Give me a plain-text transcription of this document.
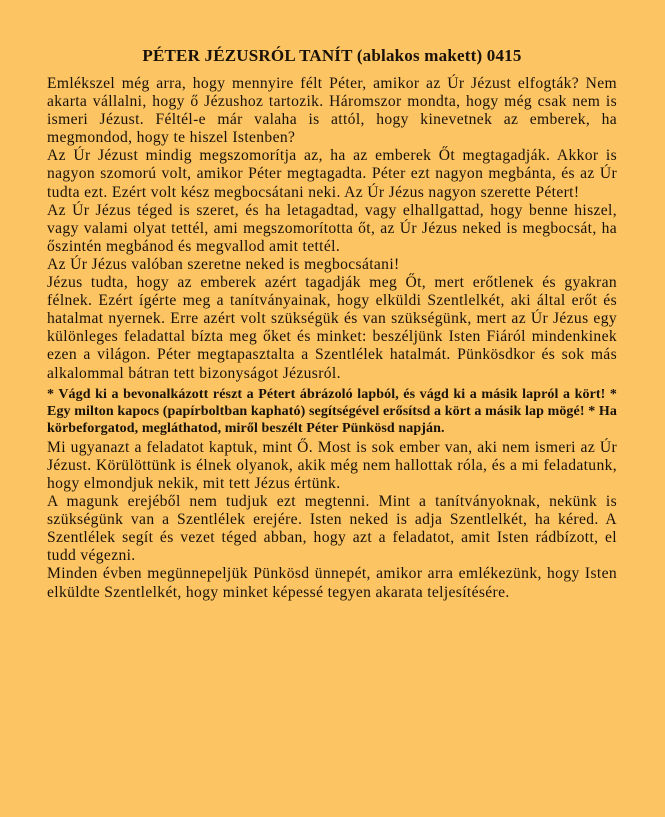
PÉTER JÉZUSRÓL TANÍT (ablakos makett) 0415

Emlékszel még arra, hogy mennyire félt Péter, amikor az Úr Jézust elfogták? Nem akarta vállalni, hogy ő Jézushoz tartozik. Háromszor mondta, hogy még csak nem is ismeri Jézust. Féltél-e már valaha is attól, hogy kinevetnek az emberek, ha megmondod, hogy te hiszel Istenben?

Az Úr Jézust mindig megszomorítja az, ha az emberek Őt megtagadják. Akkor is nagyon szomorú volt, amikor Péter megtagadta. Péter ezt nagyon megbánta, és az Úr tudta ezt. Ezért volt kész megbocsátani neki. Az Úr Jézus nagyon szerette Pétert!

Az Úr Jézus téged is szeret, és ha letagadtad, vagy elhallgattad, hogy benne hiszel, vagy valami olyat tettél, ami megszomorította őt, az Úr Jézus neked is megbocsát, ha őszintén megbánod és megvallod amit tettél.

Az Úr Jézus valóban szeretne neked is megbocsátani!

Jézus tudta, hogy az emberek azért tagadják meg Őt, mert erőtlenek és gyakran félnek. Ezért ígérte meg a tanítványainak, hogy elküldi Szentlelkét, aki által erőt és hatalmat nyernek. Erre azért volt szükségük és van szükségünk, mert az Úr Jézus egy különleges feladattal bízta meg őket és minket: beszéljünk Isten Fiáról mindenkinek ezen a világon. Péter megtapasztalta a Szentlélek hatalmát. Pünkösdkor és sok más alkalommal bátran tett bizonyságot Jézusról.

* Vágd ki a bevonalkázott részt a Pétert ábrázoló lapból, és vágd ki a másik lapról a kört! * Egy milton kapocs (papírboltban kapható) segítségével erősítsd a kört a másik lap mögé! * Ha körbeforgatod, megláthatod, miről beszélt Péter Pünkösd napján.

Mi ugyanazt a feladatot kaptuk, mint Ő. Most is sok ember van, aki nem ismeri az Úr Jézust. Körülöttünk is élnek olyanok, akik még nem hallottak róla, és a mi feladatunk, hogy elmondjuk nekik, mit tett Jézus értünk.

A magunk erejéből nem tudjuk ezt megtenni. Mint a tanítványoknak, nekünk is szükségünk van a Szentlélek erejére. Isten neked is adja Szentlelkét, ha kéred. A Szentlélek segít és vezet téged abban, hogy azt a feladatot, amit Isten rádbízott, el tudd végezni.

Minden évben megünnepeljük Pünkösd ünnepét, amikor arra emlékezünk, hogy Isten elküldte Szentlelkét, hogy minket képessé tegyen akarata teljesítésére.
